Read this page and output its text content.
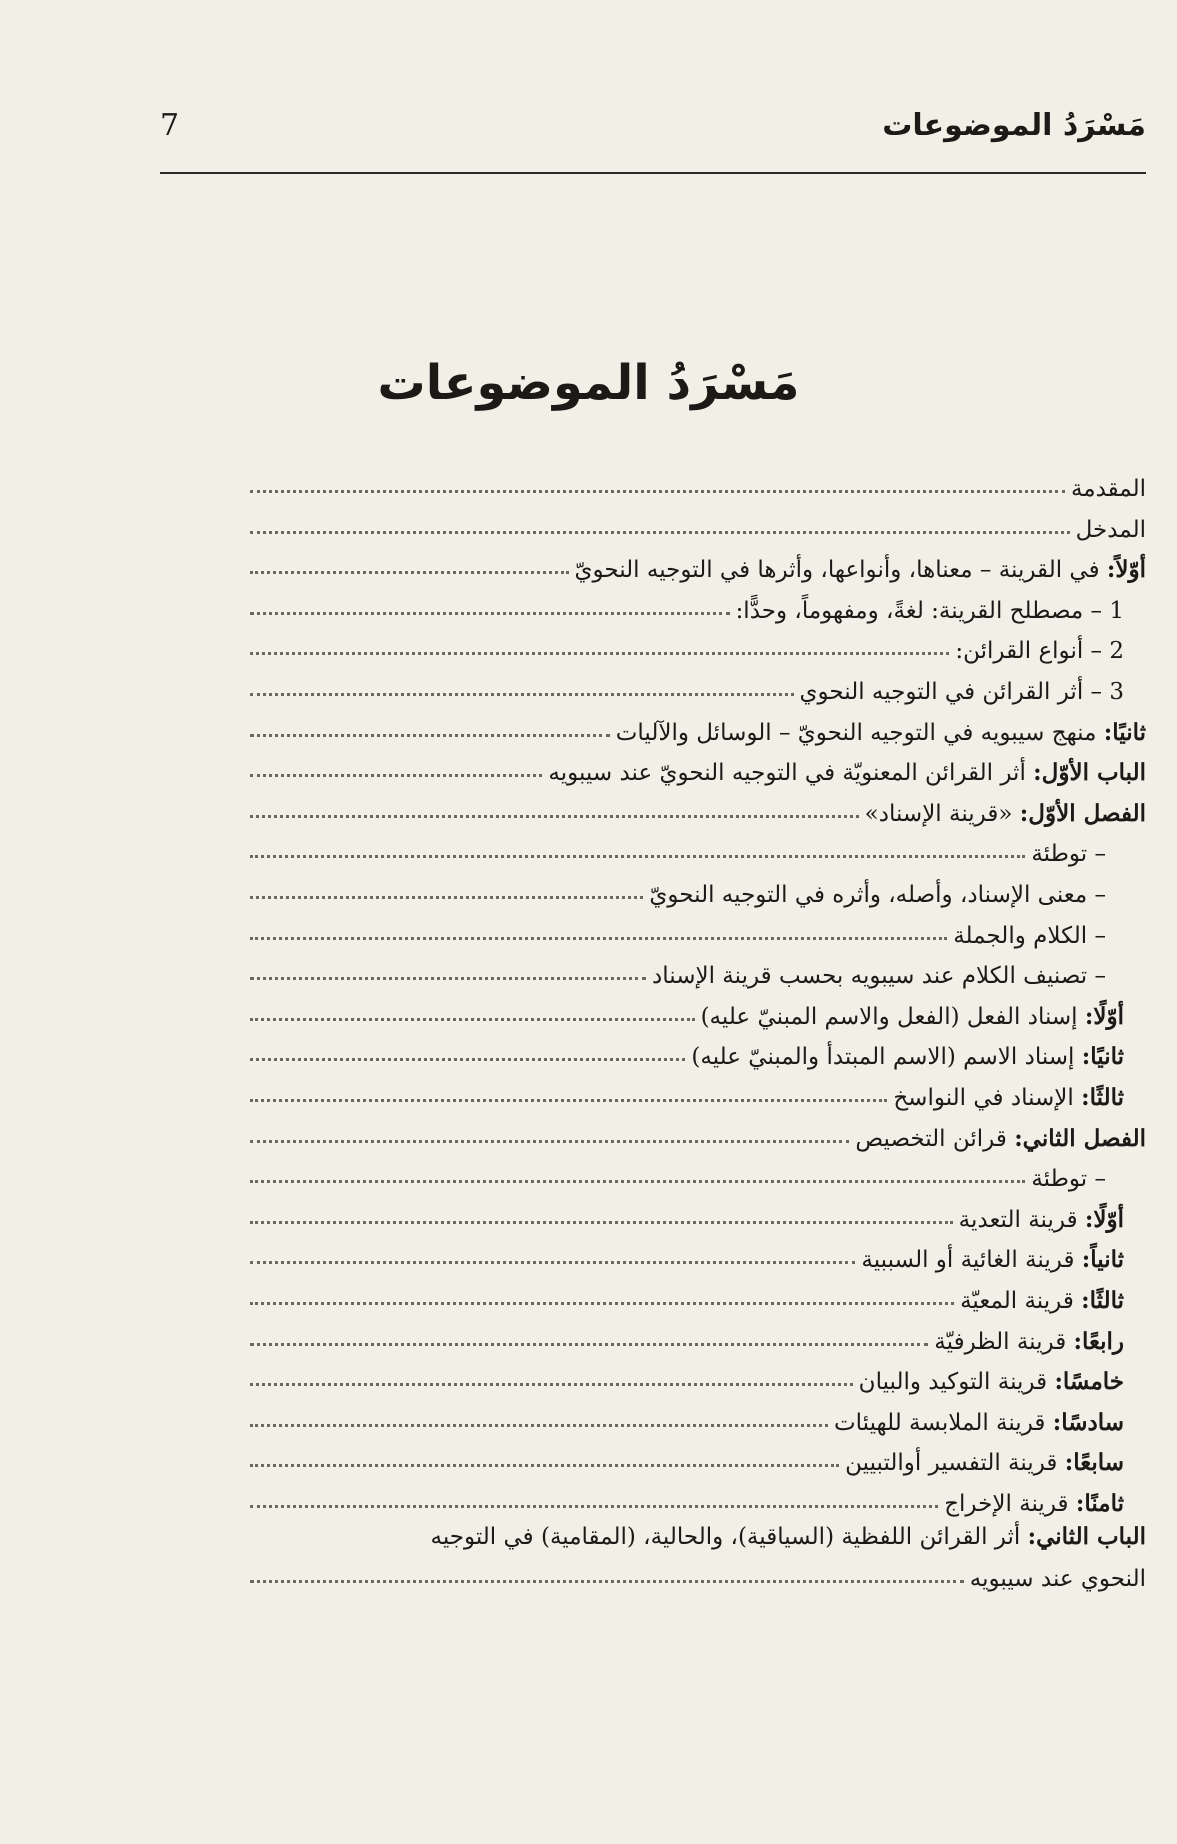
مَسْرَدُ الموضوعات
7
مَسْرَدُ الموضوعات
المقدمة
المدخل
أوّلاً: في القرينة – معناها، وأنواعها، وأثرها في التوجيه النحويّ
1 – مصطلح القرينة: لغةً، ومفهوماً، وحدًّا:
2 – أنواع القرائن:
3 – أثر القرائن في التوجيه النحوي
ثانيًا: منهج سيبويه في التوجيه النحويّ – الوسائل والآليات
الباب الأوّل: أثر القرائن المعنويّة في التوجيه النحويّ عند سيبويه
الفصل الأوّل: «قرينة الإسناد»
– توطئة
– معنى الإسناد، وأصله، وأثره في التوجيه النحويّ
– الكلام والجملة
– تصنيف الكلام عند سيبويه بحسب قرينة الإسناد
أوّلًا: إسناد الفعل (الفعل والاسم المبنيّ عليه)
ثانيًا: إسناد الاسم (الاسم المبتدأ والمبنيّ عليه)
ثالثًا: الإسناد في النواسخ
الفصل الثاني: قرائن التخصيص
– توطئة
أوّلًا: قرينة التعدية
ثانياً: قرينة الغائية أو السببية
ثالثًا: قرينة المعيّة
رابعًا: قرينة الظرفيّة
خامسًا: قرينة التوكيد والبيان
سادسًا: قرينة الملابسة للهيئات
سابعًا: قرينة التفسير أوالتبيين
ثامنًا: قرينة الإخراج
الباب الثاني: أثر القرائن اللفظية (السياقية)، والحالية، (المقامية) في التوجيه
النحوي عند سيبويه
